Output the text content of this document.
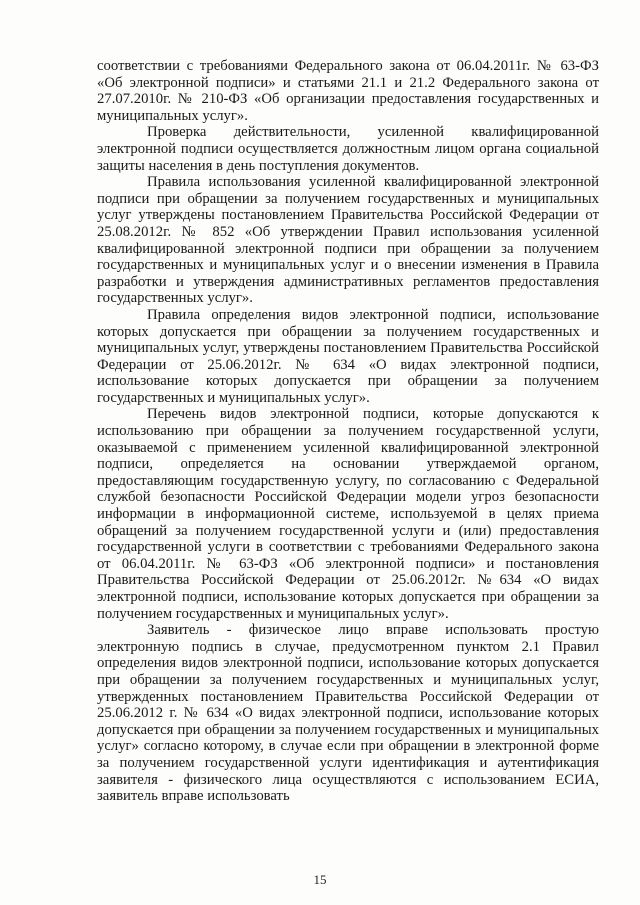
соответствии с требованиями Федерального закона от 06.04.2011г. № 63-ФЗ «Об электронной подписи» и статьями 21.1 и 21.2 Федерального закона от 27.07.2010г. № 210-ФЗ «Об организации предоставления государственных и муниципальных услуг».

Проверка действительности, усиленной квалифицированной электронной подписи осуществляется должностным лицом органа социальной защиты населения в день поступления документов.

Правила использования усиленной квалифицированной электронной подписи при обращении за получением государственных и муниципальных услуг утверждены постановлением Правительства Российской Федерации от 25.08.2012г. № 852 «Об утверждении Правил использования усиленной квалифицированной электронной подписи при обращении за получением государственных и муниципальных услуг и о внесении изменения в Правила разработки и утверждения административных регламентов предоставления государственных услуг».

Правила определения видов электронной подписи, использование которых допускается при обращении за получением государственных и муниципальных услуг, утверждены постановлением Правительства Российской Федерации от 25.06.2012г. № 634 «О видах электронной подписи, использование которых допускается при обращении за получением государственных и муниципальных услуг».

Перечень видов электронной подписи, которые допускаются к использованию при обращении за получением государственной услуги, оказываемой с применением усиленной квалифицированной электронной подписи, определяется на основании утверждаемой органом, предоставляющим государственную услугу, по согласованию с Федеральной службой безопасности Российской Федерации модели угроз безопасности информации в информационной системе, используемой в целях приема обращений за получением государственной услуги и (или) предоставления государственной услуги в соответствии с требованиями Федерального закона от 06.04.2011г. № 63-ФЗ «Об электронной подписи» и постановления Правительства Российской Федерации от 25.06.2012г. №634 «О видах электронной подписи, использование которых допускается при обращении за получением государственных и муниципальных услуг».

Заявитель - физическое лицо вправе использовать простую электронную подпись в случае, предусмотренном пунктом 2.1 Правил определения видов электронной подписи, использование которых допускается при обращении за получением государственных и муниципальных услуг, утвержденных постановлением Правительства Российской Федерации от 25.06.2012 г. № 634 «О видах электронной подписи, использование которых допускается при обращении за получением государственных и муниципальных услуг» согласно которому, в случае если при обращении в электронной форме за получением государственной услуги идентификация и аутентификация заявителя - физического лица осуществляются с использованием ЕСИА, заявитель вправе использовать

15
